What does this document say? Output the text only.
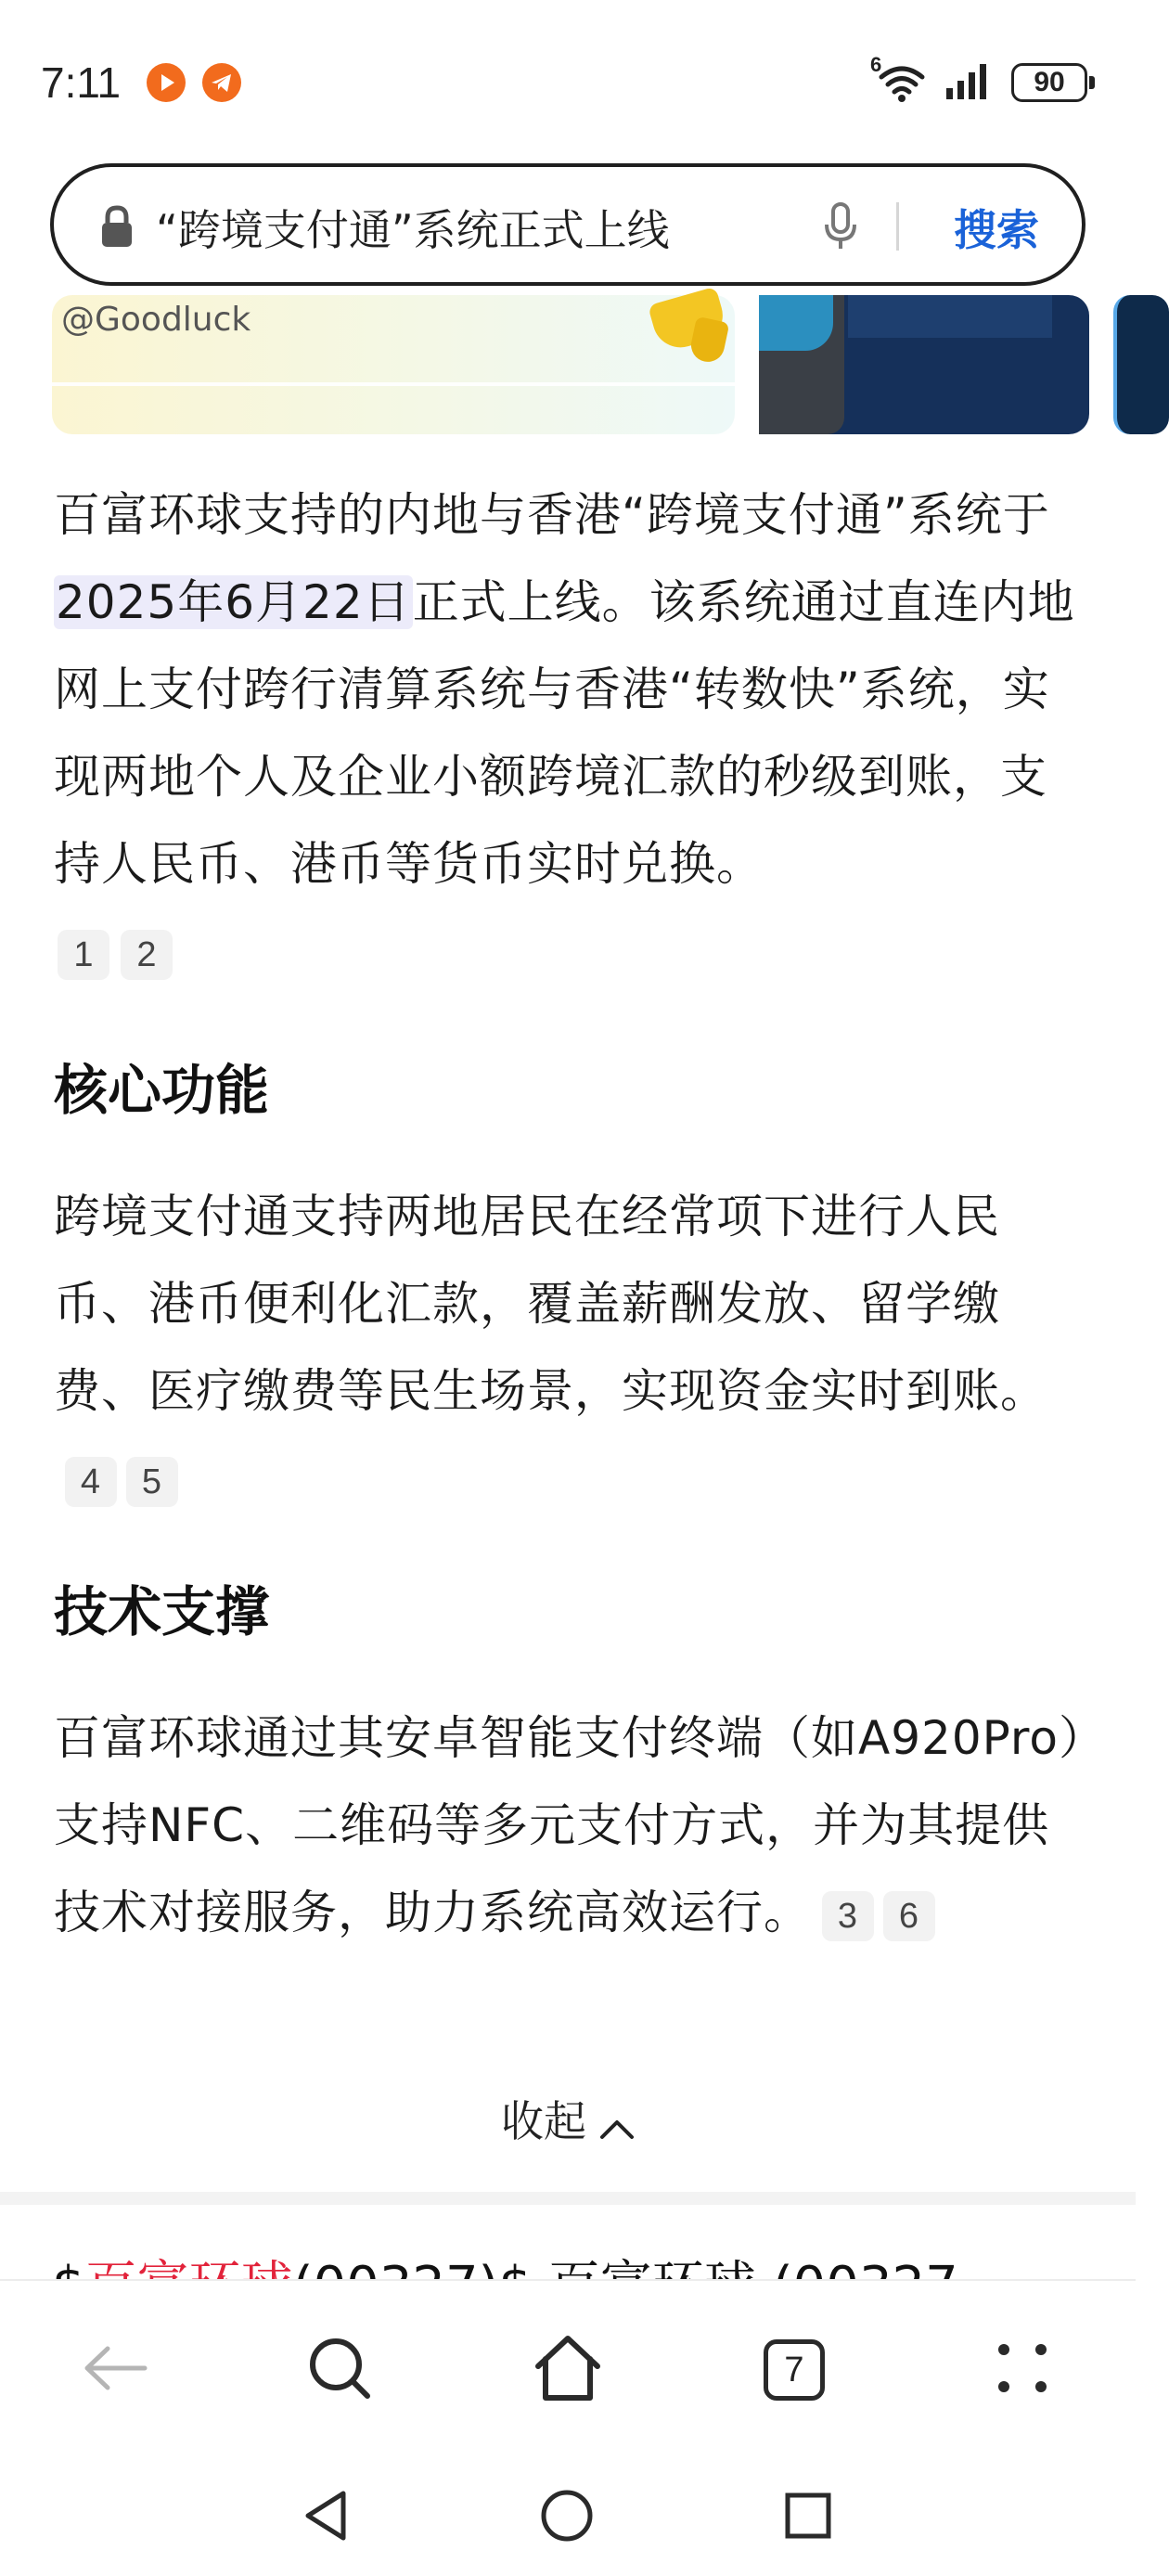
7:11	6
90
“跨境支付通”系统正式上线	搜索
@Goodluck
百富环球支持的内地与香港“跨境支付通”系统于2025年6月22日正式上线。该系统通过直连内地网上支付跨行清算系统与香港“转数快”系统，实现两地个人及企业小额跨境汇款的秒级到账，支持人民币、港币等货币实时兑换。
1	2
核心功能
跨境支付通支持两地居民在经常项下进行人民币、港币便利化汇款，覆盖薪酬发放、留学缴费、医疗缴费等民生场景，实现资金实时到账。4 5
技术支撑
百富环球通过其安卓智能支付终端（如A920Pro）支持NFC、二维码等多元支付方式，并为其提供技术对接服务，助力系统高效运行。 3 6
收起
7
